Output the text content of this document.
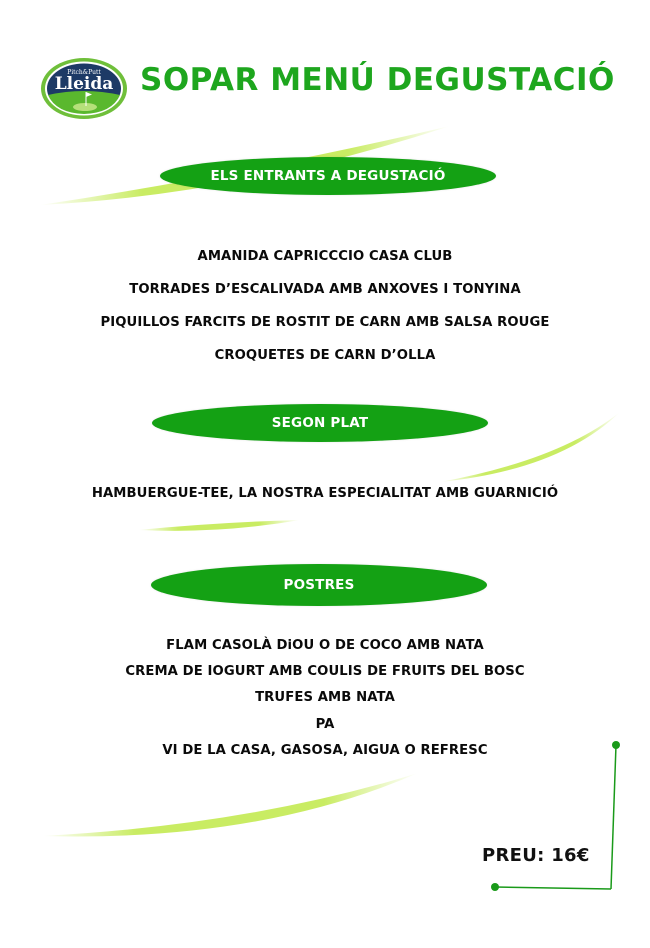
Pitch&Putt
Lleida SOPAR MENÚ DEGUSTACIÓ
ELS ENTRANTS A DEGUSTACIÓ
AMANIDA CAPRICCCIO CASA CLUB
TORRADES D’ESCALIVADA AMB ANXOVES I TONYINA
PIQUILLOS FARCITS DE ROSTIT DE CARN AMB SALSA ROUGE
CROQUETES DE CARN D’OLLA
SEGON PLAT
HAMBUERGUE-TEE, LA NOSTRA ESPECIALITAT AMB GUARNICIÓ
POSTRES
FLAM CASOLÀ DiOU O DE COCO AMB NATA
CREMA DE IOGURT AMB COULIS DE FRUITS DEL BOSC
TRUFES AMB NATA
PA
VI DE LA CASA, GASOSA, AIGUA O REFRESC
PREU: 16€
